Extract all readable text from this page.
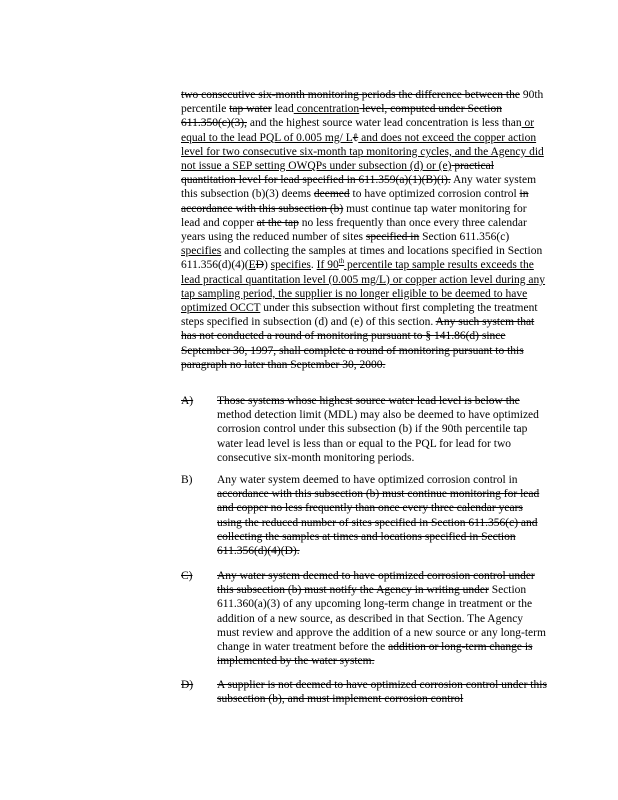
two consecutive six-month monitoring periods the difference between the 90th percentile tap water lead concentration level, computed under Section 611.350(c)(3), and the highest source water lead concentration is less than or equal to the lead PQL of 0.005 mg/ Lℓ and does not exceed the copper action level for two consecutive six-month tap monitoring cycles, and the Agency did not issue a SEP setting OWQPs under subsection (d) or (e) practical quantitation level for lead specified in 611.359(a)(1)(B)(i). Any water system this subsection (b)(3) deems deemed to have optimized corrosion control in accordance with this subsection (b) must continue tap water monitoring for lead and copper at the tap no less frequently than once every three calendar years using the reduced number of sites specified in Section 611.356(c) specifies and collecting the samples at times and locations specified in Section 611.356(d)(4)(ED) specifies. If 90th percentile tap sample results exceeds the lead practical quantitation level (0.005 mg/L) or copper action level during any tap sampling period, the supplier is no longer eligible to be deemed to have optimized OCCT under this subsection without first completing the treatment steps specified in subsection (d) and (e) of this section. Any such system that has not conducted a round of monitoring pursuant to § 141.86(d) since September 30, 1997, shall complete a round of monitoring pursuant to this paragraph no later than September 30, 2000.

A)	Those systems whose highest source water lead level is below the method detection limit (MDL) may also be deemed to have optimized corrosion control under this subsection (b) if the 90th percentile tap water lead level is less than or equal to the PQL for lead for two consecutive six-month monitoring periods.
B)	Any water system deemed to have optimized corrosion control in accordance with this subsection (b) must continue monitoring for lead and copper no less frequently than once every three calendar years using the reduced number of sites specified in Section 611.356(c) and collecting the samples at times and locations specified in Section 611.356(d)(4)(D).
C)	Any water system deemed to have optimized corrosion control under this subsection (b) must notify the Agency in writing under Section 611.360(a)(3) of any upcoming long-term change in treatment or the addition of a new source, as described in that Section. The Agency must review and approve the addition of a new source or any long-term change in water treatment before the addition or long-term change is implemented by the water system.
D)	A supplier is not deemed to have optimized corrosion control under this subsection (b), and must implement corrosion control
